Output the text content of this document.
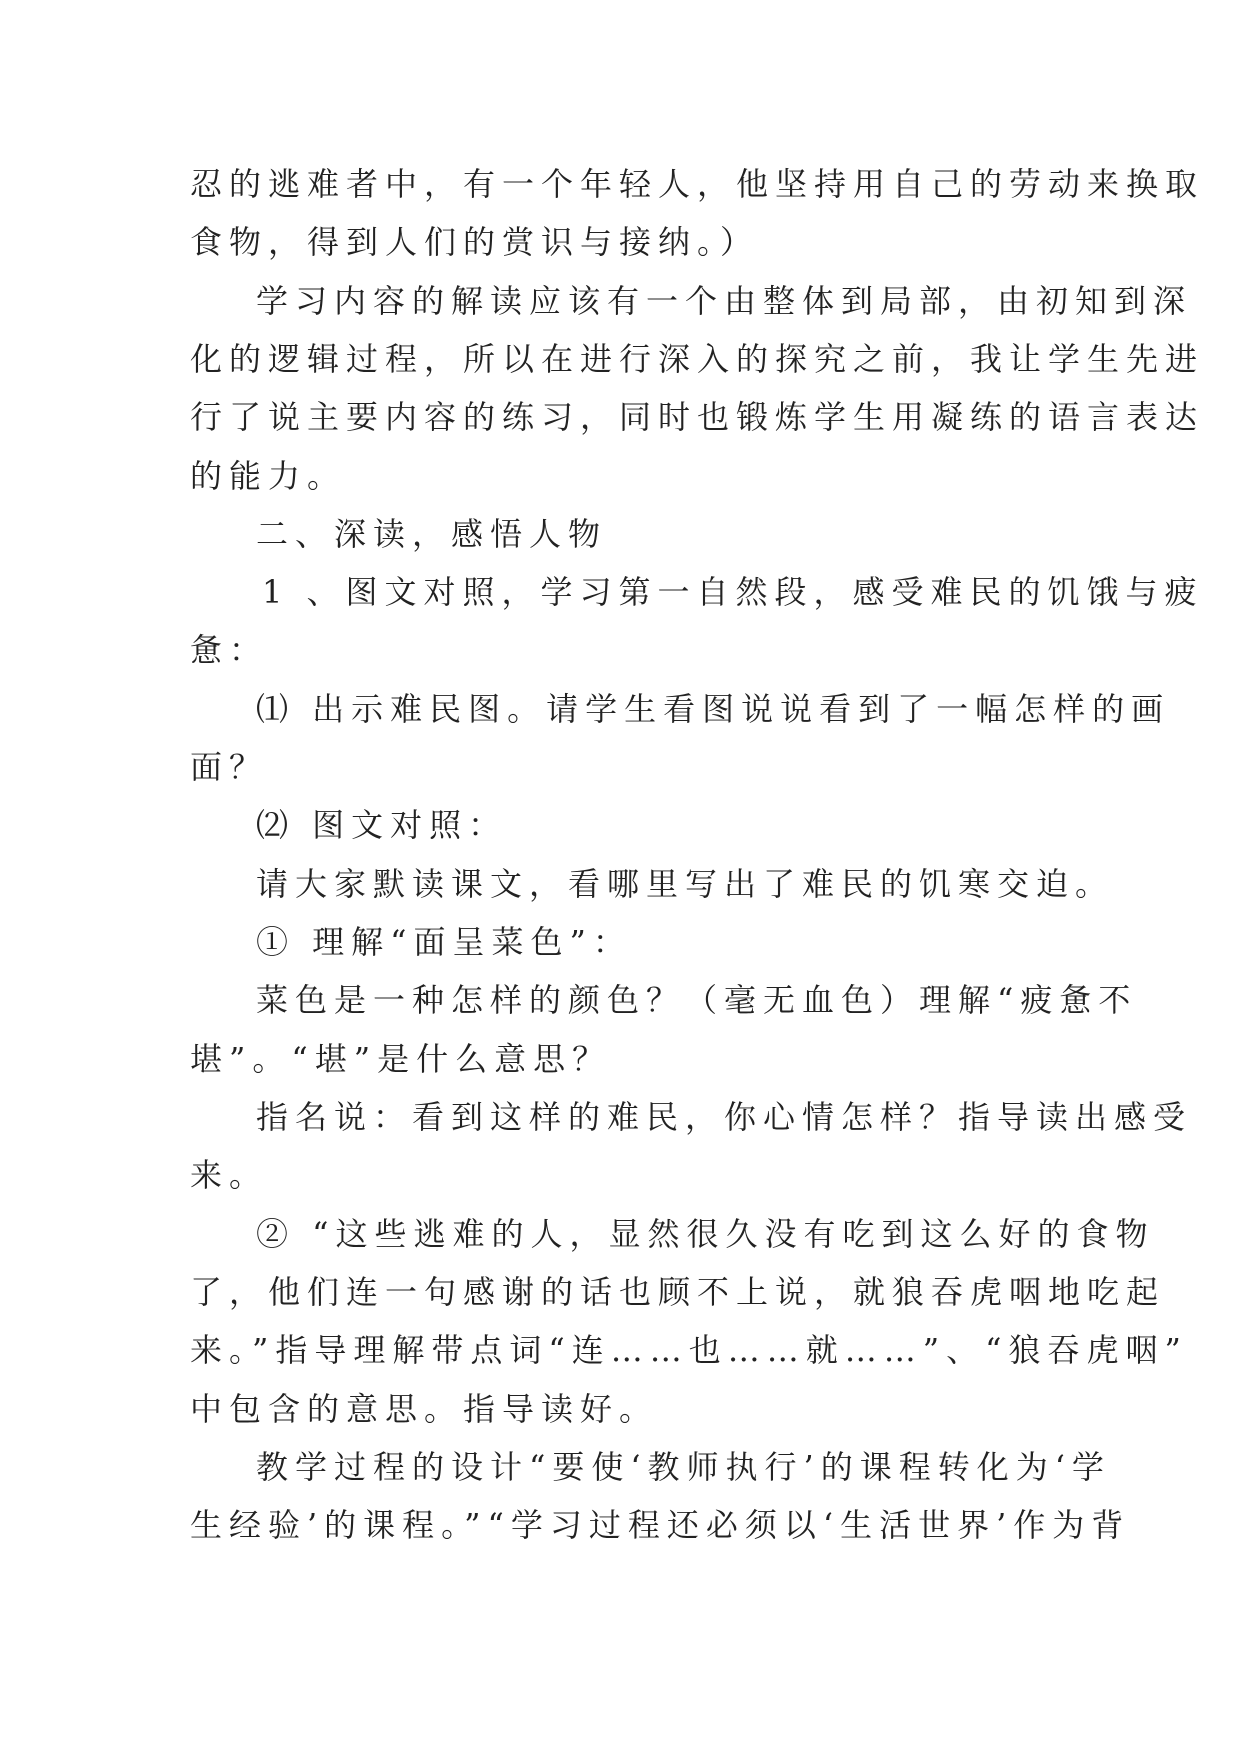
忍的逃难者中，有一个年轻人，他坚持用自己的劳动来换取
食物，得到人们的赏识与接纳。）
学习内容的解读应该有一个由整体到局部，由初知到深
化的逻辑过程，所以在进行深入的探究之前，我让学生先进
行了说主要内容的练习，同时也锻炼学生用凝练的语言表达
的能力。
二、深读，感悟人物
1 、图文对照，学习第一自然段，感受难民的饥饿与疲
惫：
⑴ 出示难民图。请学生看图说说看到了一幅怎样的画
面？
⑵ 图文对照：
请大家默读课文，看哪里写出了难民的饥寒交迫。
① 理解“面呈菜色”：
菜色是一种怎样的颜色？（毫无血色）理解“疲惫不
堪”。“堪”是什么意思？
指名说：看到这样的难民，你心情怎样？指导读出感受
来。
② “这些逃难的人，显然很久没有吃到这么好的食物
了，他们连一句感谢的话也顾不上说，就狼吞虎咽地吃起
来。”指导理解带点词“连……也……就……”、“狼吞虎咽”
中包含的意思。指导读好。
教学过程的设计“要使‘教师执行’的课程转化为‘学
生经验’的课程。”“学习过程还必须以‘生活世界’作为背
